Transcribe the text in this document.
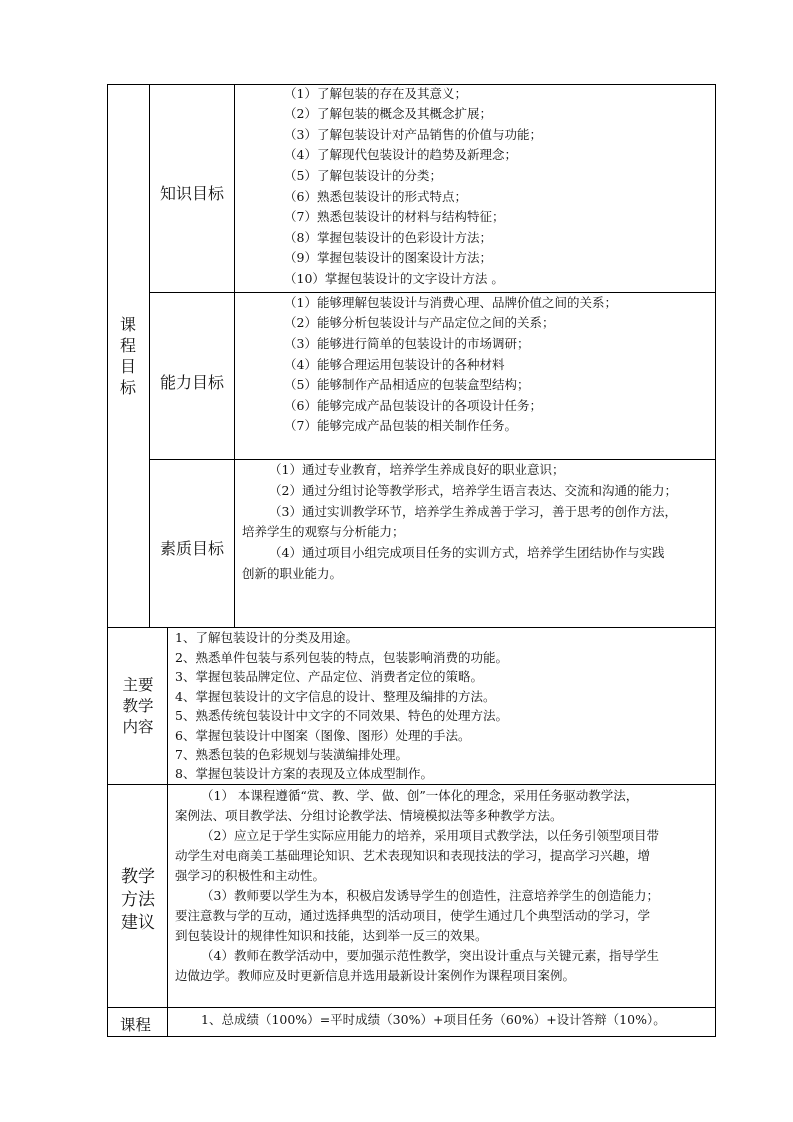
课
程
目
标
知识目标
（1）了解包装的存在及其意义；
（2）了解包装的概念及其概念扩展；
（3）了解包装设计对产品销售的价值与功能；
（4）了解现代包装设计的趋势及新理念；
（5）了解包装设计的分类；
（6）熟悉包装设计的形式特点；
（7）熟悉包装设计的材料与结构特征；
（8）掌握包装设计的色彩设计方法；
（9）掌握包装设计的图案设计方法；
（10）掌握包装设计的文字设计方法 。
能力目标
（1）能够理解包装设计与消费心理、品牌价值之间的关系；
（2）能够分析包装设计与产品定位之间的关系；
（3）能够进行简单的包装设计的市场调研；
（4）能够合理运用包装设计的各种材料
（5）能够制作产品相适应的包装盒型结构；
（6）能够完成产品包装设计的各项设计任务；
（7）能够完成产品包装的相关制作任务。
素质目标
（1）通过专业教育，培养学生养成良好的职业意识；
（2）通过分组讨论等教学形式，培养学生语言表达、交流和沟通的能力；
（3）通过实训教学环节，培养学生养成善于学习，善于思考的创作方法，
培养学生的观察与分析能力；
（4）通过项目小组完成项目任务的实训方式，培养学生团结协作与实践
创新的职业能力。
主要
教学
内容
1、了解包装设计的分类及用途。
2、熟悉单件包装与系列包装的特点，包装影响消费的功能。
3、掌握包装品牌定位、产品定位、消费者定位的策略。
4、掌握包装设计的文字信息的设计、整理及编排的方法。
5、熟悉传统包装设计中文字的不同效果、特色的处理方法。
6、掌握包装设计中图案（图像、图形）处理的手法。
7、熟悉包装的色彩规划与装潢编排处理。
8、掌握包装设计方案的表现及立体成型制作。
教学
方法
建议
（1） 本课程遵循“赏、教、学、做、创”一体化的理念，采用任务驱动教学法，
案例法、项目教学法、分组讨论教学法、情境模拟法等多种教学方法。
（2）应立足于学生实际应用能力的培养，采用项目式教学法，以任务引领型项目带
动学生对电商美工基础理论知识、艺术表现知识和表现技法的学习，提高学习兴趣，增
强学习的积极性和主动性。
（3）教师要以学生为本，积极启发诱导学生的创造性，注意培养学生的创造能力；
要注意教与学的互动，通过选择典型的活动项目，使学生通过几个典型活动的学习，学
到包装设计的规律性知识和技能，达到举一反三的效果。
（4）教师在教学活动中，要加强示范性教学，突出设计重点与关键元素，指导学生
边做边学。教师应及时更新信息并选用最新设计案例作为课程项目案例。
课程	1、总成绩（100%）=平时成绩（30%）+项目任务（60%）+设计答辩（10%）。
